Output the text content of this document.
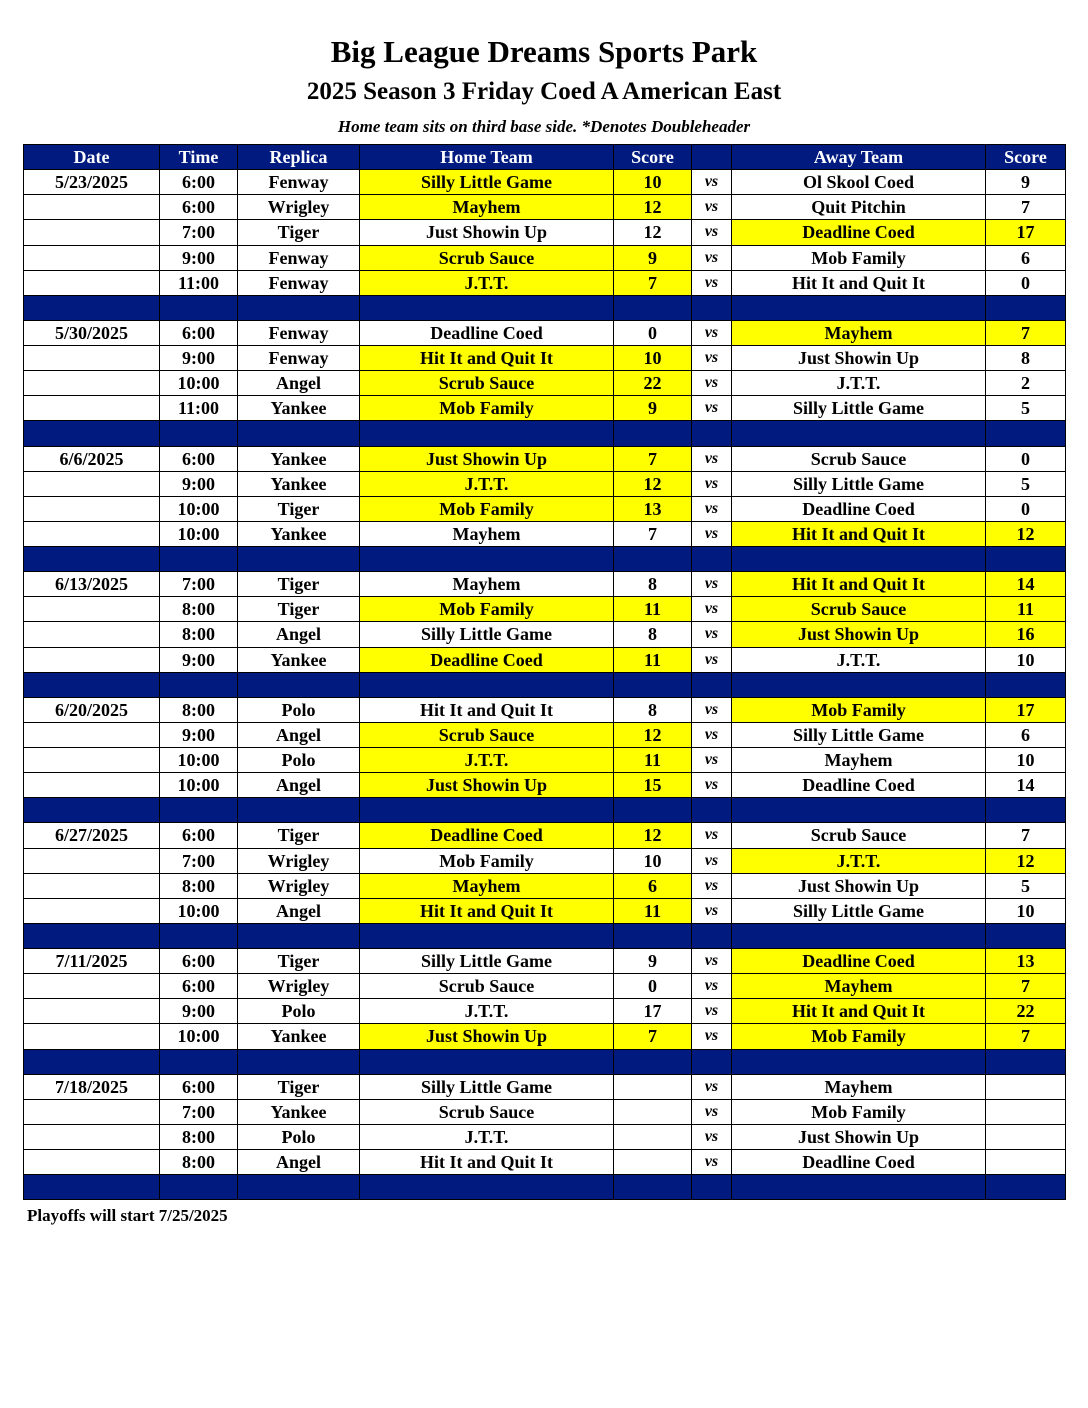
Big League Dreams Sports Park
2025 Season 3 Friday Coed A American East
Home team sits on third base side. *Denotes Doubleheader
Date	Time	Replica	Home Team	Score		Away Team	Score
5/23/2025	6:00	Fenway	Silly Little Game	10	vs	Ol Skool Coed	9
	6:00	Wrigley	Mayhem	12	vs	Quit Pitchin	7
	7:00	Tiger	Just Showin Up	12	vs	Deadline Coed	17
	9:00	Fenway	Scrub Sauce	9	vs	Mob Family	6
	11:00	Fenway	J.T.T.	7	vs	Hit It and Quit It	0

5/30/2025	6:00	Fenway	Deadline Coed	0	vs	Mayhem	7
	9:00	Fenway	Hit It and Quit It	10	vs	Just Showin Up	8
	10:00	Angel	Scrub Sauce	22	vs	J.T.T.	2
	11:00	Yankee	Mob Family	9	vs	Silly Little Game	5

6/6/2025	6:00	Yankee	Just Showin Up	7	vs	Scrub Sauce	0
	9:00	Yankee	J.T.T.	12	vs	Silly Little Game	5
	10:00	Tiger	Mob Family	13	vs	Deadline Coed	0
	10:00	Yankee	Mayhem	7	vs	Hit It and Quit It	12

6/13/2025	7:00	Tiger	Mayhem	8	vs	Hit It and Quit It	14
	8:00	Tiger	Mob Family	11	vs	Scrub Sauce	11
	8:00	Angel	Silly Little Game	8	vs	Just Showin Up	16
	9:00	Yankee	Deadline Coed	11	vs	J.T.T.	10

6/20/2025	8:00	Polo	Hit It and Quit It	8	vs	Mob Family	17
	9:00	Angel	Scrub Sauce	12	vs	Silly Little Game	6
	10:00	Polo	J.T.T.	11	vs	Mayhem	10
	10:00	Angel	Just Showin Up	15	vs	Deadline Coed	14

6/27/2025	6:00	Tiger	Deadline Coed	12	vs	Scrub Sauce	7
	7:00	Wrigley	Mob Family	10	vs	J.T.T.	12
	8:00	Wrigley	Mayhem	6	vs	Just Showin Up	5
	10:00	Angel	Hit It and Quit It	11	vs	Silly Little Game	10

7/11/2025	6:00	Tiger	Silly Little Game	9	vs	Deadline Coed	13
	6:00	Wrigley	Scrub Sauce	0	vs	Mayhem	7
	9:00	Polo	J.T.T.	17	vs	Hit It and Quit It	22
	10:00	Yankee	Just Showin Up	7	vs	Mob Family	7

7/18/2025	6:00	Tiger	Silly Little Game		vs	Mayhem	
	7:00	Yankee	Scrub Sauce		vs	Mob Family	
	8:00	Polo	J.T.T.		vs	Just Showin Up	
	8:00	Angel	Hit It and Quit It		vs	Deadline Coed	

Playoffs will start 7/25/2025
